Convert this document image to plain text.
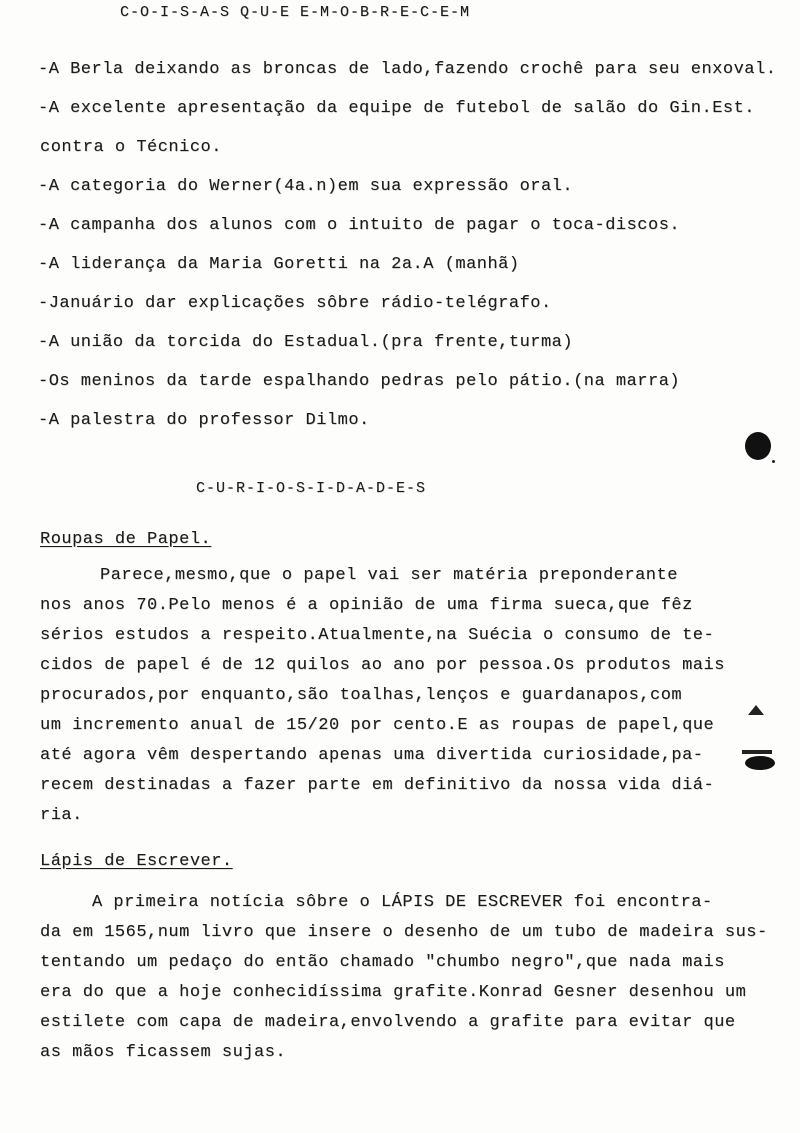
C-O-I-S-A-S Q-U-E E-M-O-B-R-E-C-E-M
-A Berla deixando as broncas de lado,fazendo crochê para seu enxoval.
-A excelente apresentação da equipe de futebol de salão do Gin.Est.
contra o Técnico.
-A categoria do Werner(4a.n)em sua expressão oral.
-A campanha dos alunos com o intuito de pagar o toca-discos.
-A liderança da Maria Goretti na 2a.A (manhã)
-Januário dar explicações sôbre rádio-telégrafo.
-A união da torcida do Estadual.(pra frente,turma)
-Os meninos da tarde espalhando pedras pelo pátio.(na marra)
-A palestra do professor Dilmo.
C-U-R-I-O-S-I-D-A-D-E-S
Roupas de Papel.
Parece,mesmo,que o papel vai ser matéria preponderante
nos anos 70.Pelo menos é a opinião de uma firma sueca,que fêz
sérios estudos a respeito.Atualmente,na Suécia o consumo de te-
cidos de papel é de 12 quilos ao ano por pessoa.Os produtos mais
procurados,por enquanto,são toalhas,lenços e guardanapos,com
um incremento anual de 15/20 por cento.E as roupas de papel,que
até agora vêm despertando apenas uma divertida curiosidade,pa-
recem destinadas a fazer parte em definitivo da nossa vida diá-
ria.
Lápis de Escrever.
A primeira notícia sôbre o LÁPIS DE ESCREVER foi encontra-
da em 1565,num livro que insere o desenho de um tubo de madeira sus-
tentando um pedaço do então chamado "chumbo negro",que nada mais
era do que a hoje conhecidíssima grafite.Konrad Gesner desenhou um
estilete com capa de madeira,envolvendo a grafite para evitar que
as mãos ficassem sujas.
